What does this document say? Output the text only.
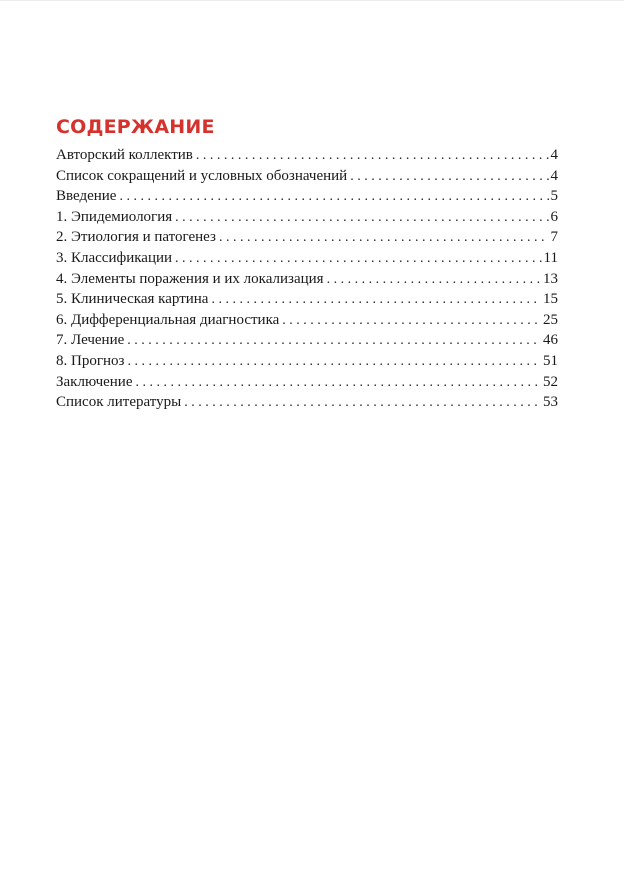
СОДЕРЖАНИЕ
Авторский коллектив . . .	4
Список сокращений и условных обозначений . . .	4
Введение . . .	5
1. Эпидемиология . . .	6
2. Этиология и патогенез . . .	7
3. Классификации . . .	11
4. Элементы поражения и их локализация . . .	13
5. Клиническая картина . . .	15
6. Дифференциальная диагностика . . .	25
7. Лечение . . .	46
8. Прогноз . . .	51
Заключение . . .	52
Список литературы . . .	53
